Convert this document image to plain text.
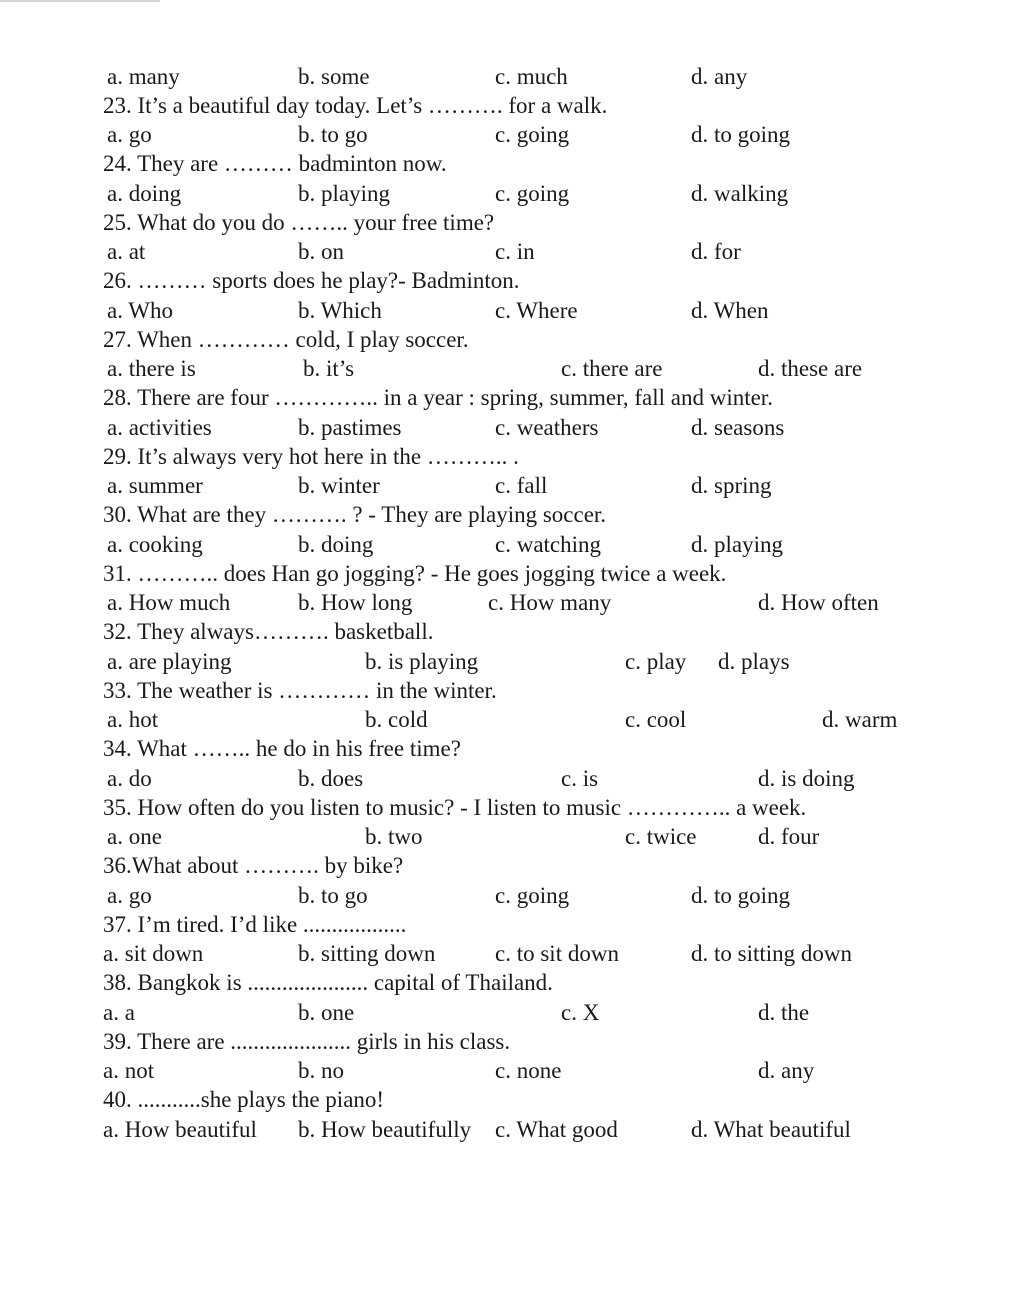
a. many	b. some	c. much	d. any
23. It’s a beautiful day today. Let’s ………. for a walk.
a. go	b. to go	c. going	d. to going
24. They are ……… badminton now.
a. doing	b. playing	c. going	d. walking
25. What do you do …….. your free time?
a. at	b. on	c. in	d. for
26. ……… sports does he play?- Badminton.
a. Who	b. Which	c. Where	d. When
27. When ………… cold, I play soccer.
a. there is	b. it’s	c. there are	d. these are
28. There are four ………….. in a year : spring, summer, fall and winter.
a. activities	b. pastimes	c. weathers	d. seasons
29. It’s always very hot here in the ……….. .
a. summer	b. winter	c. fall	d. spring
30. What are they ………. ? - They are playing soccer.
a. cooking	b. doing	c. watching	d. playing
31. ……….. does Han go jogging? - He goes jogging twice a week.
a. How much	b. How long	c. How many	d. How often
32. They always………. basketball.
a. are playing	b. is playing	c. play d. plays
33. The weather is ………… in the winter.
a. hot	b. cold	c. cool	d. warm
34. What …….. he do in his free time?
a. do	b. does	c. is	d. is doing
35. How often do you listen to music? - I listen to music ………….. a week.
a. one	b. two	c. twice	d. four
36.What about ………. by bike?
a. go	b. to go	c. going	d. to going
37. I’m tired. I’d like ..................
a. sit down	b. sitting down	c. to sit down	d. to sitting down
38. Bangkok is ..................... capital of Thailand.
a. a	b. one	c. X	d. the
39. There are ..................... girls in his class.
a. not	b. no	c. none	d. any
40. ...........she plays the piano!
a. How beautiful b. How beautifully c. What good	d. What beautiful
